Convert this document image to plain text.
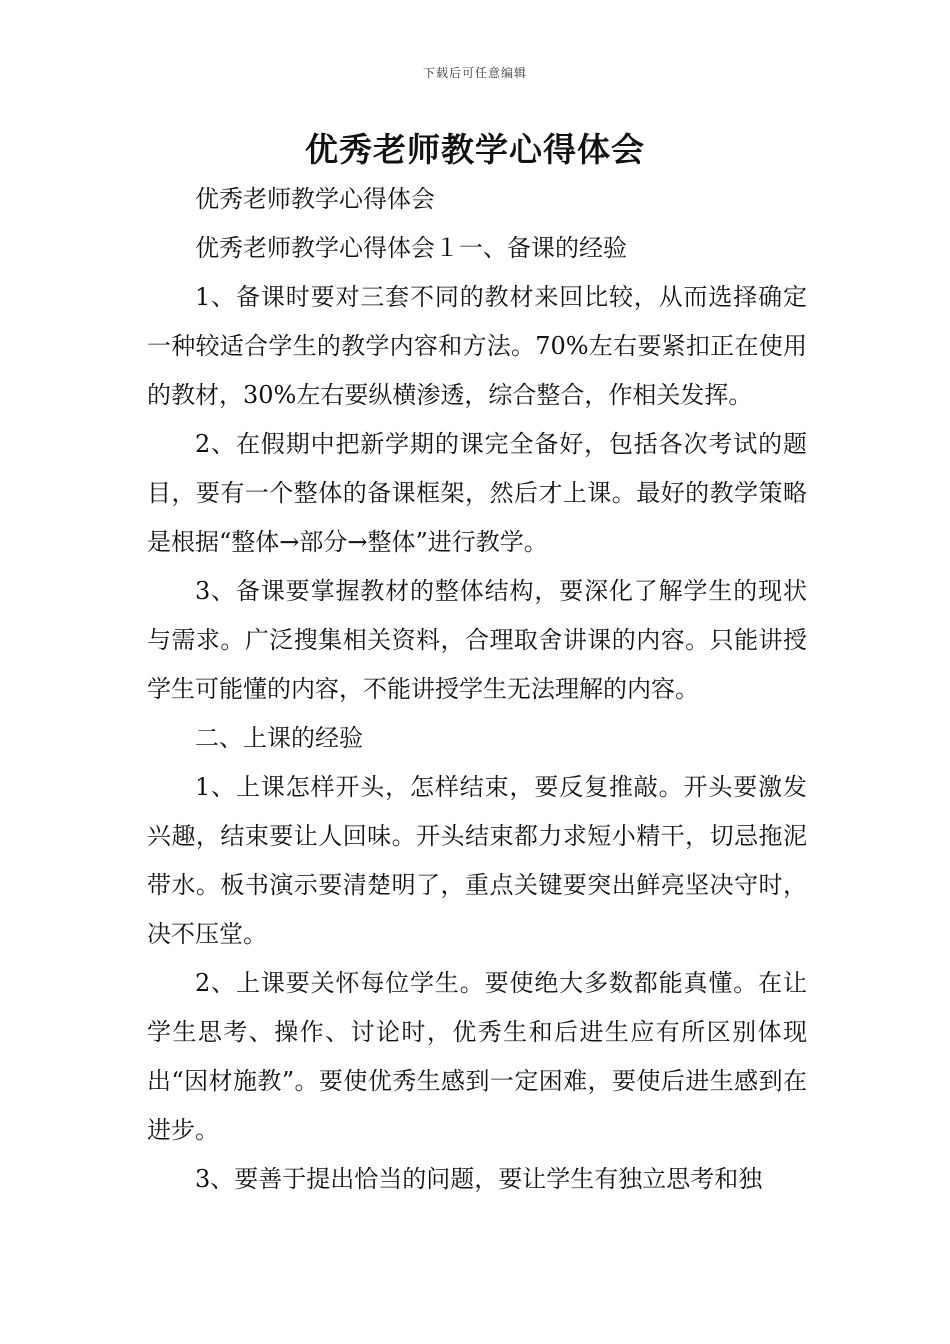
下载后可任意编辑
优秀老师教学心得体会

优秀老师教学心得体会

优秀老师教学心得体会１一、备课的经验

1、备课时要对三套不同的教材来回比较，从而选择确定一种较适合学生的教学内容和方法。70%左右要紧扣正在使用的教材，30%左右要纵横渗透，综合整合，作相关发挥。

2、在假期中把新学期的课完全备好，包括各次考试的题目，要有一个整体的备课框架，然后才上课。最好的教学策略是根据“整体→部分→整体”进行教学。

3、备课要掌握教材的整体结构，要深化了解学生的现状与需求。广泛搜集相关资料，合理取舍讲课的内容。只能讲授学生可能懂的内容，不能讲授学生无法理解的内容。

二、上课的经验

1、上课怎样开头，怎样结束，要反复推敲。开头要激发兴趣，结束要让人回味。开头结束都力求短小精干，切忌拖泥带水。板书演示要清楚明了，重点关键要突出鲜亮坚决守时，决不压堂。

2、上课要关怀每位学生。要使绝大多数都能真懂。在让学生思考、操作、讨论时，优秀生和后进生应有所区别体现出“因材施教”。要使优秀生感到一定困难，要使后进生感到在进步。

3、要善于提出恰当的问题，要让学生有独立思考和独
